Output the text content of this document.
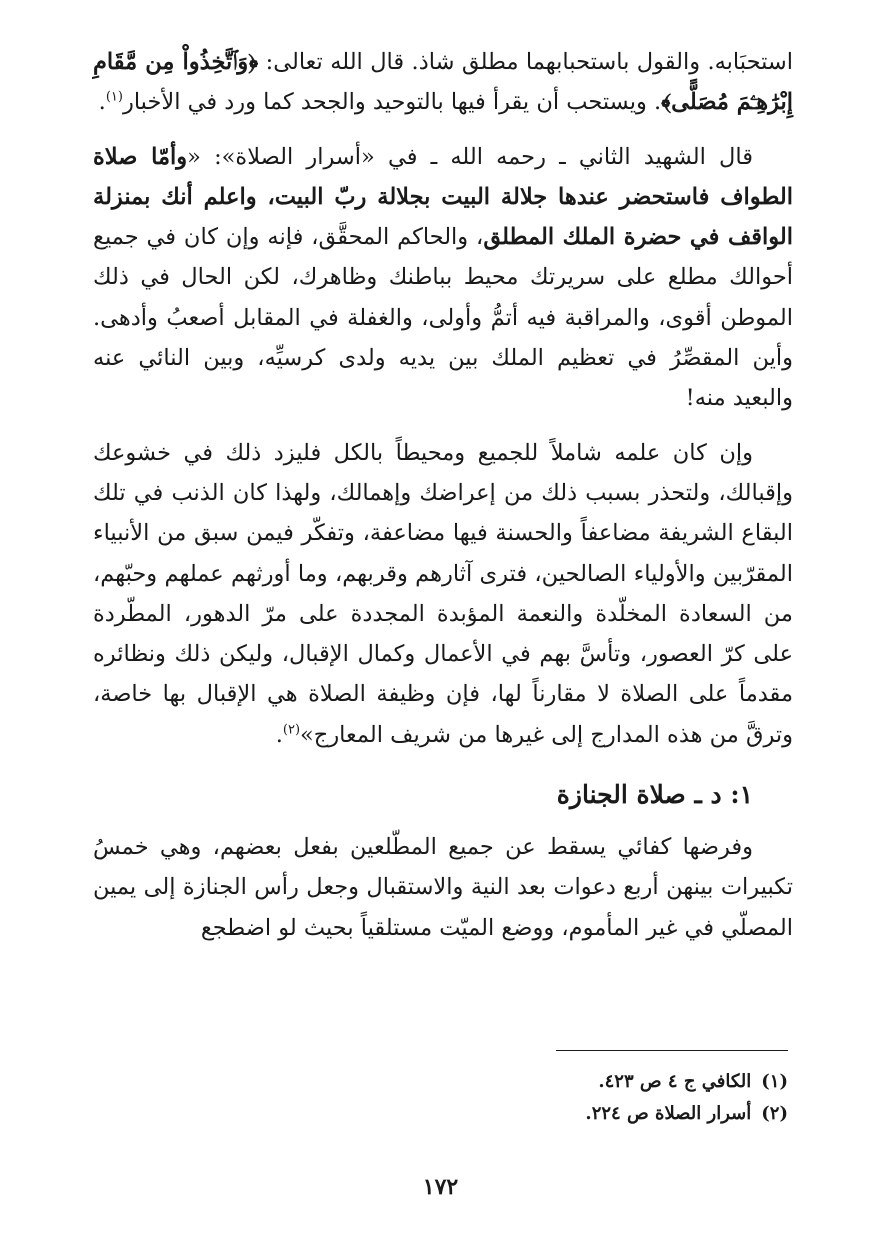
استحبَابه. والقول باستحبابهما مطلق شاذ. قال الله تعالى: ﴿وَٱتَّخِذُواْ مِن مَّقَامِ إِبْرَٰهِـۧمَ مُصَلًّى﴾. ويستحب أن يقرأ فيها بالتوحيد والجحد كما ورد في الأخبار$^{(١)}$.

قال الشهيد الثاني ـ رحمه الله ـ في «أسرار الصلاة»: «وأمّا صلاة الطواف فاستحضر عندها جلالة البيت بجلالة ربّ البيت، واعلم أنك بمنزلة الواقف في حضرة الملك المطلق، والحاكم المحقَّق، فإنه وإن كان في جميع أحوالك مطلع على سريرتك محيط بباطنك وظاهرك، لكن الحال في ذلك الموطن أقوى، والمراقبة فيه أتمُّ وأولى، والغفلة في المقابل أصعبُ وأدهى. وأين المقصِّرُ في تعظيم الملك بين يديه ولدى كرسيِّه، وبين النائي عنه والبعيد منه!

وإن كان علمه شاملاً للجميع ومحيطاً بالكل فليزد ذلك في خشوعك وإقبالك، ولتحذر بسبب ذلك من إعراضك وإهمالك، ولهذا كان الذنب في تلك البقاع الشريفة مضاعفاً والحسنة فيها مضاعفة، وتفكّر فيمن سبق من الأنبياء المقرّبين والأولياء الصالحين، فترى آثارهم وقربهم، وما أورثهم عملهم وحبّهم، من السعادة المخلّدة والنعمة المؤبدة المجددة على مرّ الدهور، المطّردة على كرّ العصور، وتأسَّ بهم في الأعمال وكمال الإقبال، وليكن ذلك ونظائره مقدماً على الصلاة لا مقارناً لها، فإن وظيفة الصلاة هي الإقبال بها خاصة، وترقَّ من هذه المدارج إلى غيرها من شريف المعارج»$^{(٢)}$.

١: د ـ صلاة الجنازة

وفرضها كفائي يسقط عن جميع المطّلعين بفعل بعضهم، وهي خمسُ تكبيرات بينهن أربع دعوات بعد النية والاستقبال وجعل رأس الجنازة إلى يمين المصلّي في غير المأموم، ووضع الميّت مستلقياً بحيث لو اضطجع

(١)الكافي ج ٤ ص ٤٢٣.

(٢)أسرار الصلاة ص ٢٢٤.

١٧٢
